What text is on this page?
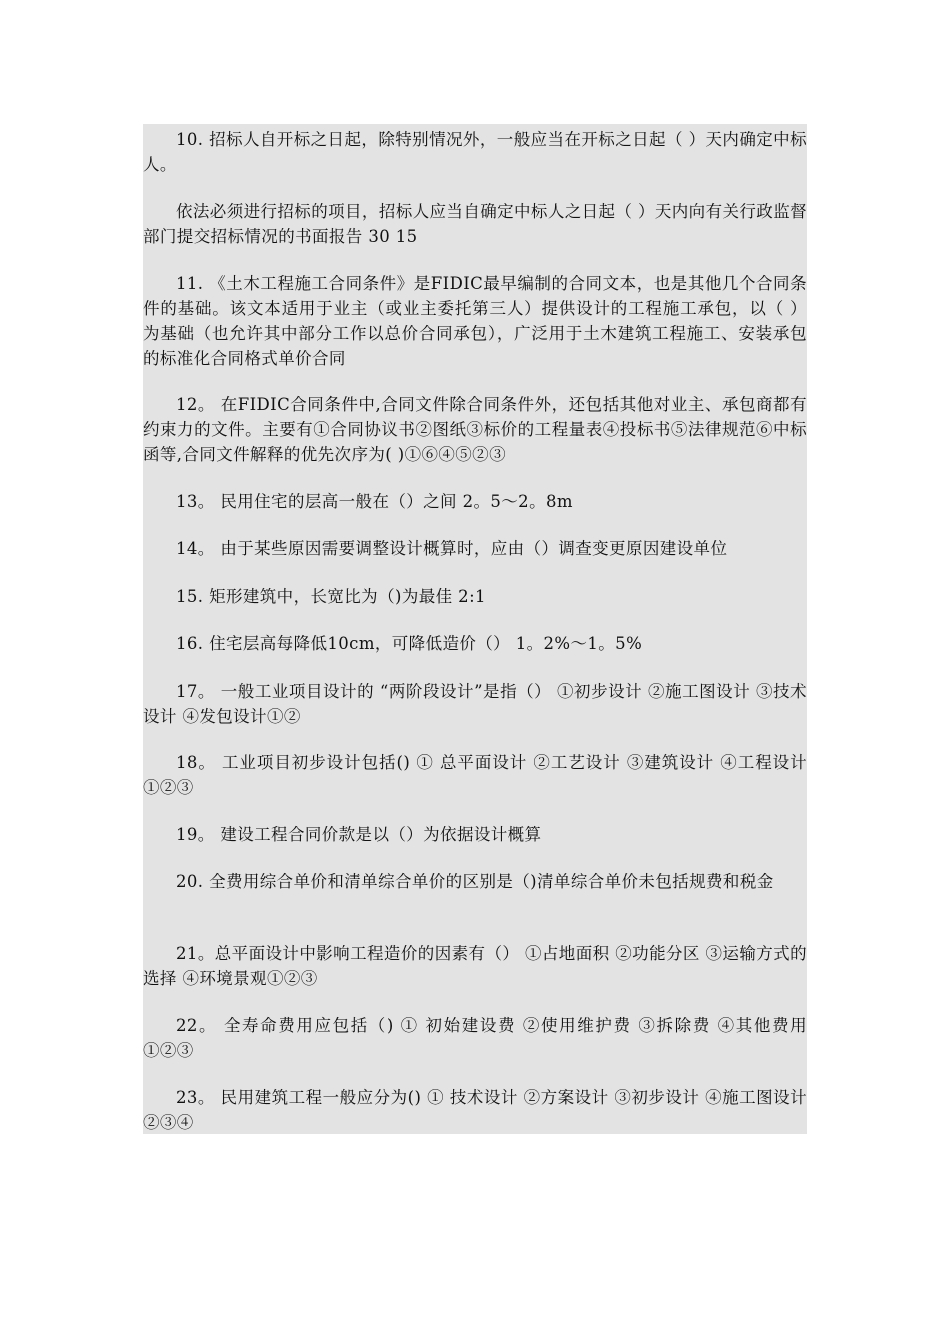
10. 招标人自开标之日起，除特别情况外，一般应当在开标之日起（ ）天内确定中标人。

依法必须进行招标的项目，招标人应当自确定中标人之日起（ ）天内向有关行政监督部门提交招标情况的书面报告 30 15

11. 《土木工程施工合同条件》是FIDIC最早编制的合同文本，也是其他几个合同条件的基础。该文本适用于业主（或业主委托第三人）提供设计的工程施工承包，以（ ）为基础（也允许其中部分工作以总价合同承包），广泛用于土木建筑工程施工、安装承包的标准化合同格式单价合同

12。 在FIDIC合同条件中,合同文件除合同条件外，还包括其他对业主、承包商都有约束力的文件。主要有①合同协议书②图纸③标价的工程量表④投标书⑤法律规范⑥中标函等,合同文件解释的优先次序为( )①⑥④⑤②③

13。 民用住宅的层高一般在（）之间 2。5～2。8m

14。 由于某些原因需要调整设计概算时，应由（）调查变更原因建设单位

15. 矩形建筑中，长宽比为（)为最佳 2:1

16. 住宅层高每降低10cm，可降低造价（） 1。2%～1。5%

17。 一般工业项目设计的 “两阶段设计”是指（） ①初步设计 ②施工图设计 ③技术设计 ④发包设计①②

18。 工业项目初步设计包括() ① 总平面设计 ②工艺设计 ③建筑设计 ④工程设计①②③

19。 建设工程合同价款是以（）为依据设计概算

20. 全费用综合单价和清单综合单价的区别是（)清单综合单价未包括规费和税金

21。总平面设计中影响工程造价的因素有（） ①占地面积 ②功能分区 ③运输方式的选择 ④环境景观①②③

22。 全寿命费用应包括（) ① 初始建设费 ②使用维护费 ③拆除费 ④其他费用①②③

23。 民用建筑工程一般应分为() ① 技术设计 ②方案设计 ③初步设计 ④施工图设计②③④
